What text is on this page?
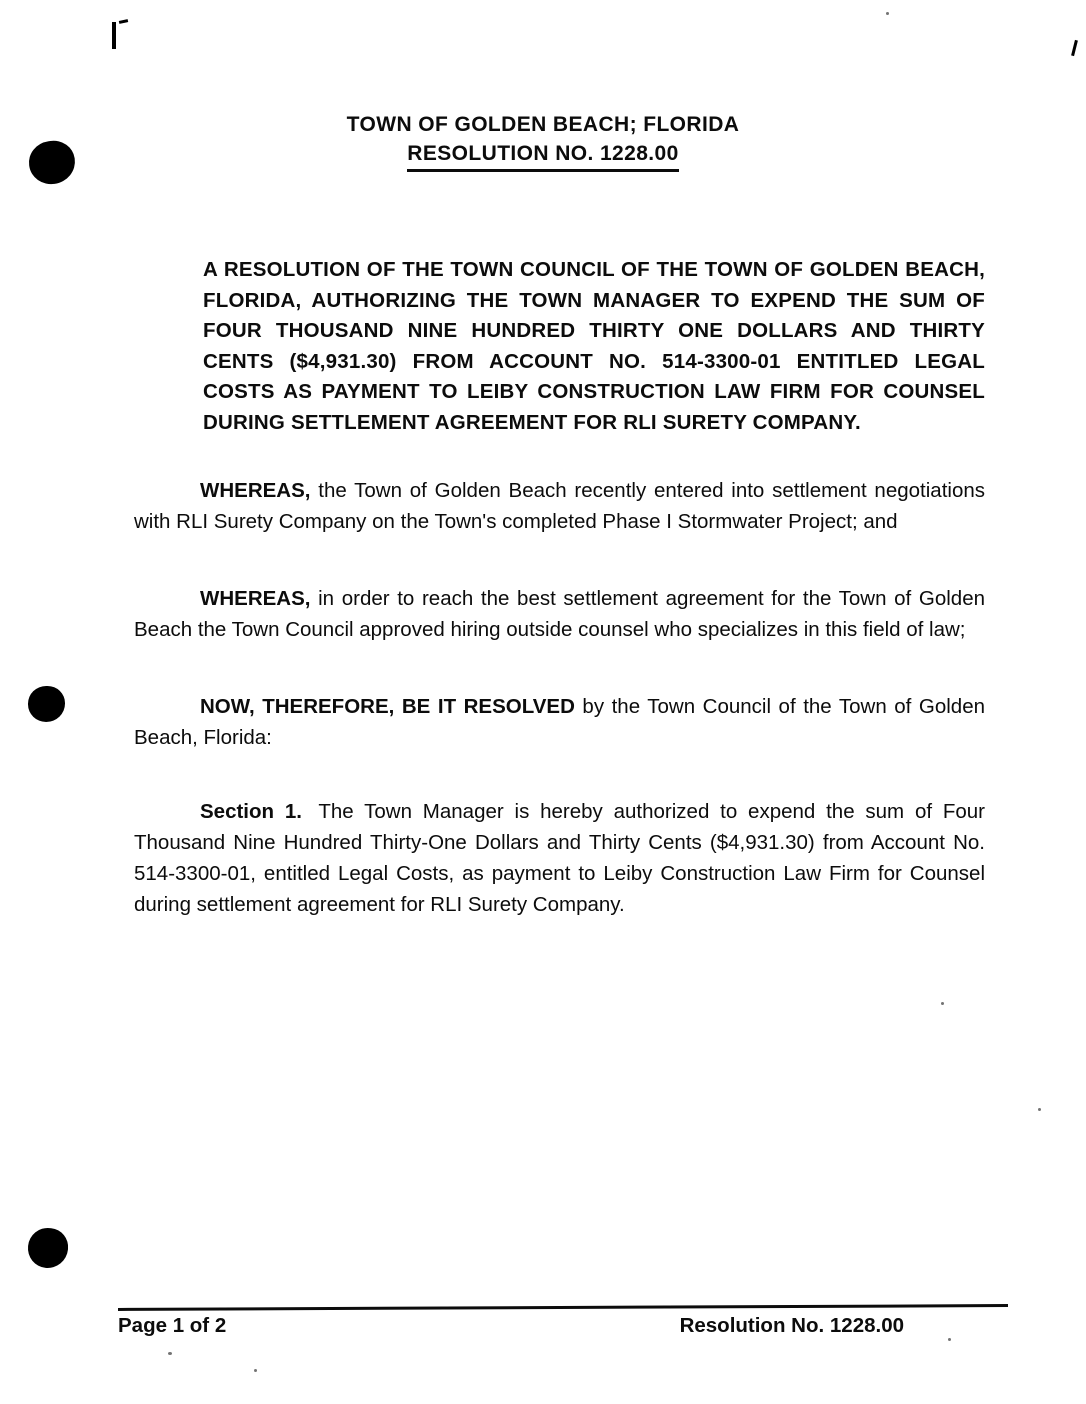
TOWN OF GOLDEN BEACH; FLORIDA
RESOLUTION NO. 1228.00

A RESOLUTION OF THE TOWN COUNCIL OF THE TOWN OF GOLDEN BEACH, FLORIDA, AUTHORIZING THE TOWN MANAGER TO EXPEND THE SUM OF FOUR THOUSAND NINE HUNDRED THIRTY ONE DOLLARS AND THIRTY CENTS ($4,931.30) FROM ACCOUNT NO. 514-3300-01 ENTITLED LEGAL COSTS AS PAYMENT TO LEIBY CONSTRUCTION LAW FIRM FOR COUNSEL DURING SETTLEMENT AGREEMENT FOR RLI SURETY COMPANY.

WHEREAS, the Town of Golden Beach recently entered into settlement negotiations with RLI Surety Company on the Town's completed Phase I Stormwater Project; and

WHEREAS, in order to reach the best settlement agreement for the Town of Golden Beach the Town Council approved hiring outside counsel who specializes in this field of law;

NOW, THEREFORE, BE IT RESOLVED by the Town Council of the Town of Golden Beach, Florida:

Section 1. The Town Manager is hereby authorized to expend the sum of Four Thousand Nine Hundred Thirty-One Dollars and Thirty Cents ($4,931.30) from Account No. 514-3300-01, entitled Legal Costs, as payment to Leiby Construction Law Firm for Counsel during settlement agreement for RLI Surety Company.

Page 1 of 2	Resolution No. 1228.00
